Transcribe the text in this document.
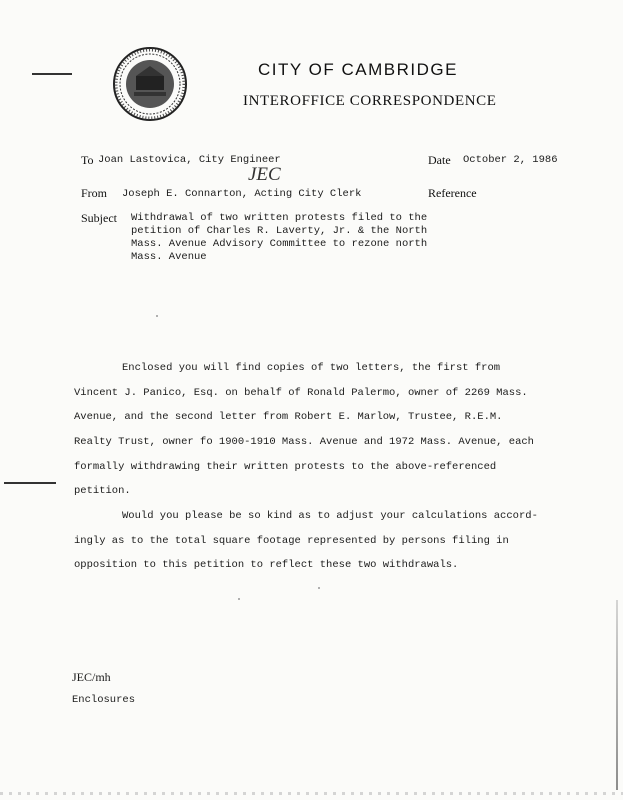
CITY OF CAMBRIDGE
INTEROFFICE CORRESPONDENCE
To Joan Lastovica, City Engineer	Date October 2, 1986
JEC
From Joseph E. Connarton, Acting City Clerk	Reference
Subject Withdrawal of two written protests filed to the
petition of Charles R. Laverty, Jr. & the North
Mass. Avenue Advisory Committee to rezone north
Mass. Avenue
Enclosed you will find copies of two letters, the first from
Vincent J. Panico, Esq. on behalf of Ronald Palermo, owner of 2269 Mass.
Avenue, and the second letter from Robert E. Marlow, Trustee, R.E.M.
Realty Trust, owner fo 1900-1910 Mass. Avenue and 1972 Mass. Avenue, each
formally withdrawing their written protests to the above-referenced
petition.
Would you please be so kind as to adjust your calculations accord-
ingly as to the total square footage represented by persons filing in
opposition to this petition to reflect these two withdrawals.
JEC/mh
Enclosures
